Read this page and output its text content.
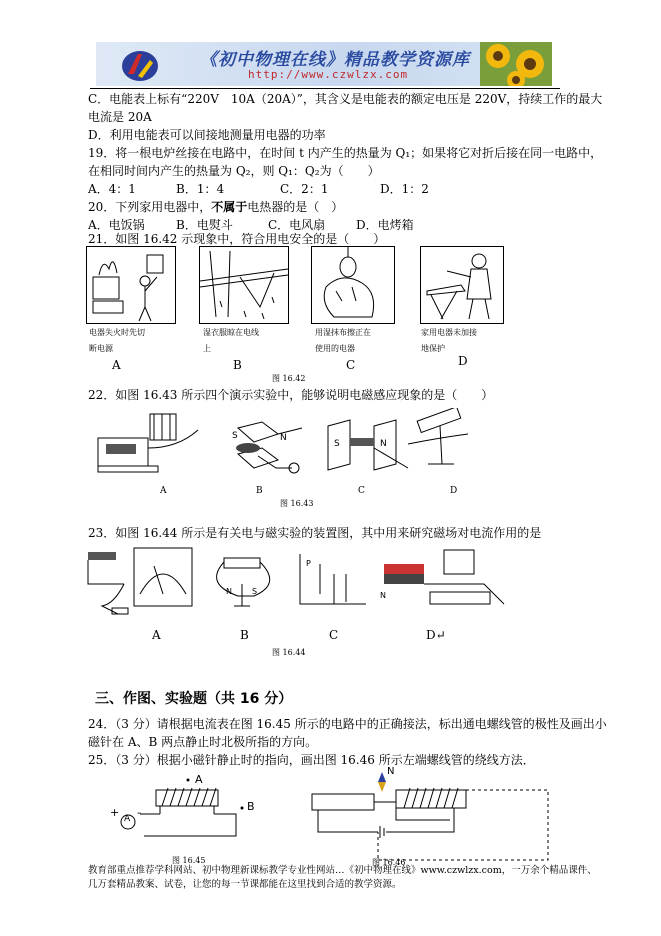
《初中物理在线》精品教学资源库
http://www.czwlzx.com
C．电能表上标有“220V　10A（20A）”，其含义是电能表的额定电压是 220V，持续工作的最大
电流是 20A
D．利用电能表可以间接地测量用电器的功率
19．将一根电炉丝接在电路中，在时间 t 内产生的热量为 Q₁；如果将它对折后接在同一电路中，
在相同时间内产生的热量为 Q₂，则 Q₁：Q₂为（　　）
A．4：1	B．1：4	C．2：1	D．1：2
20．下列家用电器中，不属于电热器的是（　）
A．电饭锅	B．电熨斗	C．电风扇	D．电烤箱
21．如图 16.42 示现象中，符合用电安全的是（　　）
电器失火时先切
断电源
湿衣服晾在电线
上
用湿抹布擦正在
使用的电器
家用电器未加接
地保护
A	B	C	D
图 16.42
22．如图 16.43 所示四个演示实验中，能够说明电磁感应现象的是（　　）
S	N
S	N
A	B	C	D
图 16.43
23．如图 16.44 所示是有关电与磁实验的装置图，其中用来研究磁场对电流作用的是
N	S
P
N
A	B	C	D↵
图 16.44
三、作图、实验题（共 16 分）
24．（3 分）请根据电流表在图 16.45 所示的电路中的正确接法，标出通电螺线管的极性及画出小
磁针在 A、B 两点静止时北极所指的方向。
25．（3 分）根据小磁针静止时的指向，画出图 16.46 所示左端螺线管的绕线方法．
A
B
A
+ -
图 16.45
N
图 16.46
教育部重点推荐学科网站、初中物理新课标教学专业性网站…《初中物理在线》www.czwlzx.com，一万余个精品课件、
几万套精品教案、试卷，让您的每一节课都能在这里找到合适的教学资源。
